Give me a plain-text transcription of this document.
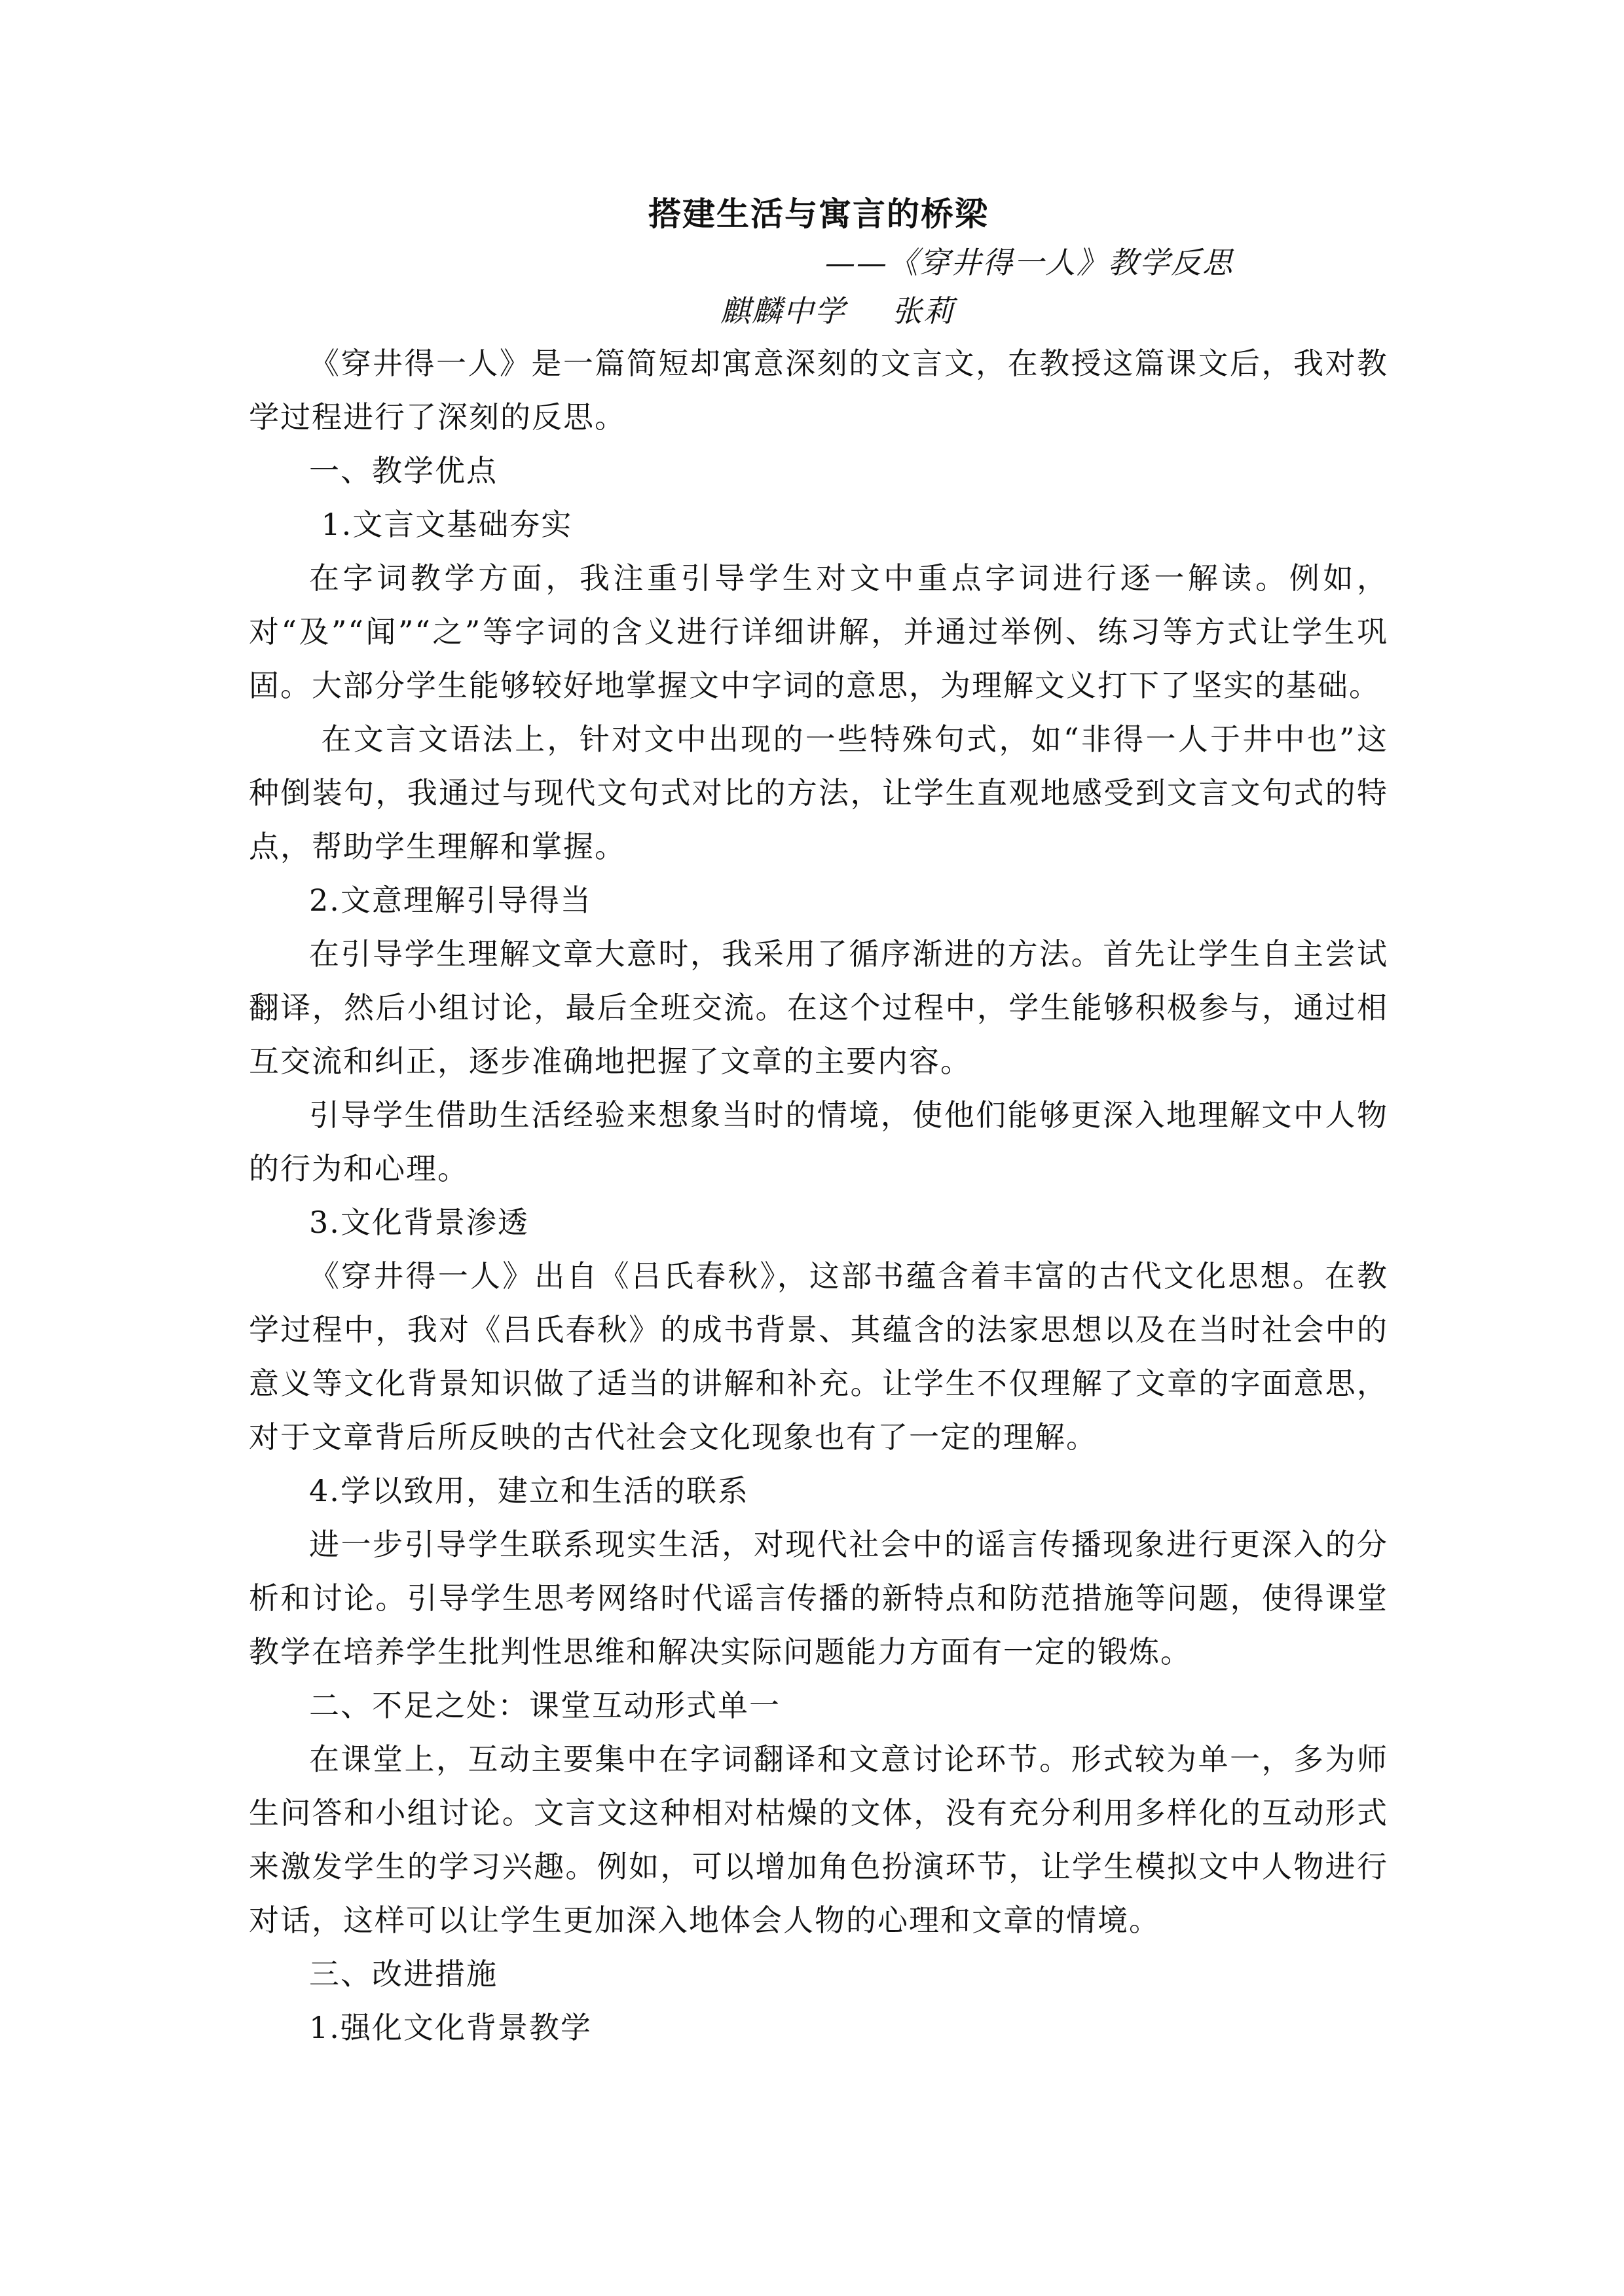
搭建生活与寓言的桥梁

——《穿井得一人》教学反思

麒麟中学 张莉

《穿井得一人》是一篇简短却寓意深刻的文言文，在教授这篇课文后，我对教学过程进行了深刻的反思。

一、教学优点

1.文言文基础夯实

在字词教学方面，我注重引导学生对文中重点字词进行逐一解读。例如，对“及”“闻”“之”等字词的含义进行详细讲解，并通过举例、练习等方式让学生巩固。大部分学生能够较好地掌握文中字词的意思，为理解文义打下了坚实的基础。

在文言文语法上，针对文中出现的一些特殊句式，如“非得一人于井中也”这种倒装句，我通过与现代文句式对比的方法，让学生直观地感受到文言文句式的特点，帮助学生理解和掌握。

2.文意理解引导得当

在引导学生理解文章大意时，我采用了循序渐进的方法。首先让学生自主尝试翻译，然后小组讨论，最后全班交流。在这个过程中，学生能够积极参与，通过相互交流和纠正，逐步准确地把握了文章的主要内容。

引导学生借助生活经验来想象当时的情境，使他们能够更深入地理解文中人物的行为和心理。

3.文化背景渗透

《穿井得一人》出自《吕氏春秋》，这部书蕴含着丰富的古代文化思想。在教学过程中，我对《吕氏春秋》的成书背景、其蕴含的法家思想以及在当时社会中的意义等文化背景知识做了适当的讲解和补充。让学生不仅理解了文章的字面意思，对于文章背后所反映的古代社会文化现象也有了一定的理解。

4.学以致用，建立和生活的联系

进一步引导学生联系现实生活，对现代社会中的谣言传播现象进行更深入的分析和讨论。引导学生思考网络时代谣言传播的新特点和防范措施等问题，使得课堂教学在培养学生批判性思维和解决实际问题能力方面有一定的锻炼。

二、不足之处：课堂互动形式单一

在课堂上，互动主要集中在字词翻译和文意讨论环节。形式较为单一，多为师生问答和小组讨论。文言文这种相对枯燥的文体，没有充分利用多样化的互动形式来激发学生的学习兴趣。例如，可以增加角色扮演环节，让学生模拟文中人物进行对话，这样可以让学生更加深入地体会人物的心理和文章的情境。

三、改进措施

1.强化文化背景教学
